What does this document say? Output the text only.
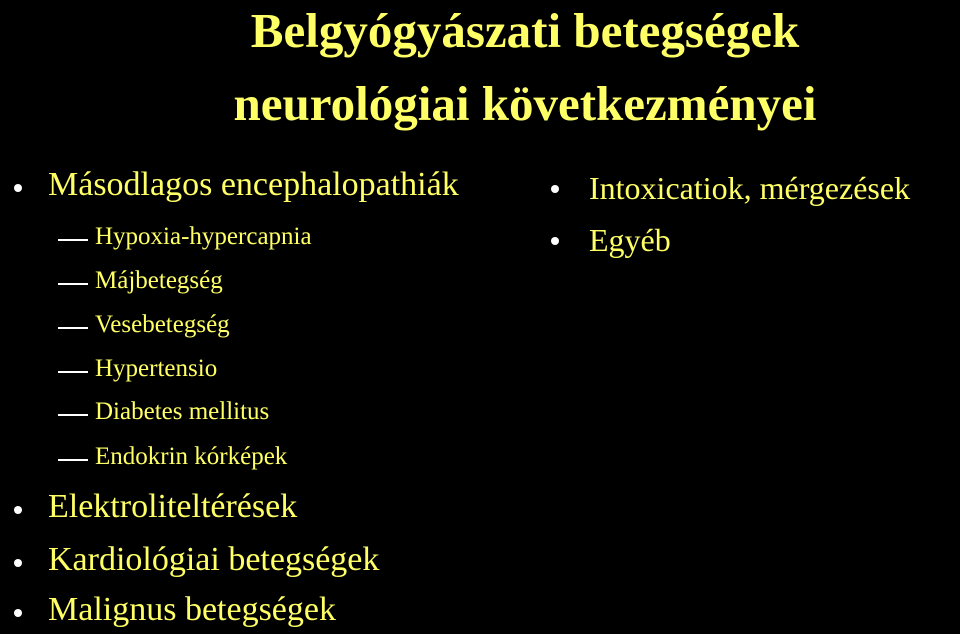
Belgyógyászati betegségek
neurológiai következményei
Másodlagos encephalopathiák
Hypoxia-hypercapnia
Májbetegség
Vesebetegség
Hypertensio
Diabetes mellitus
Endokrin kórképek
Elektroliteltérések
Kardiológiai betegségek
Malignus betegségek
Intoxicatiok, mérgezések
Egyéb
